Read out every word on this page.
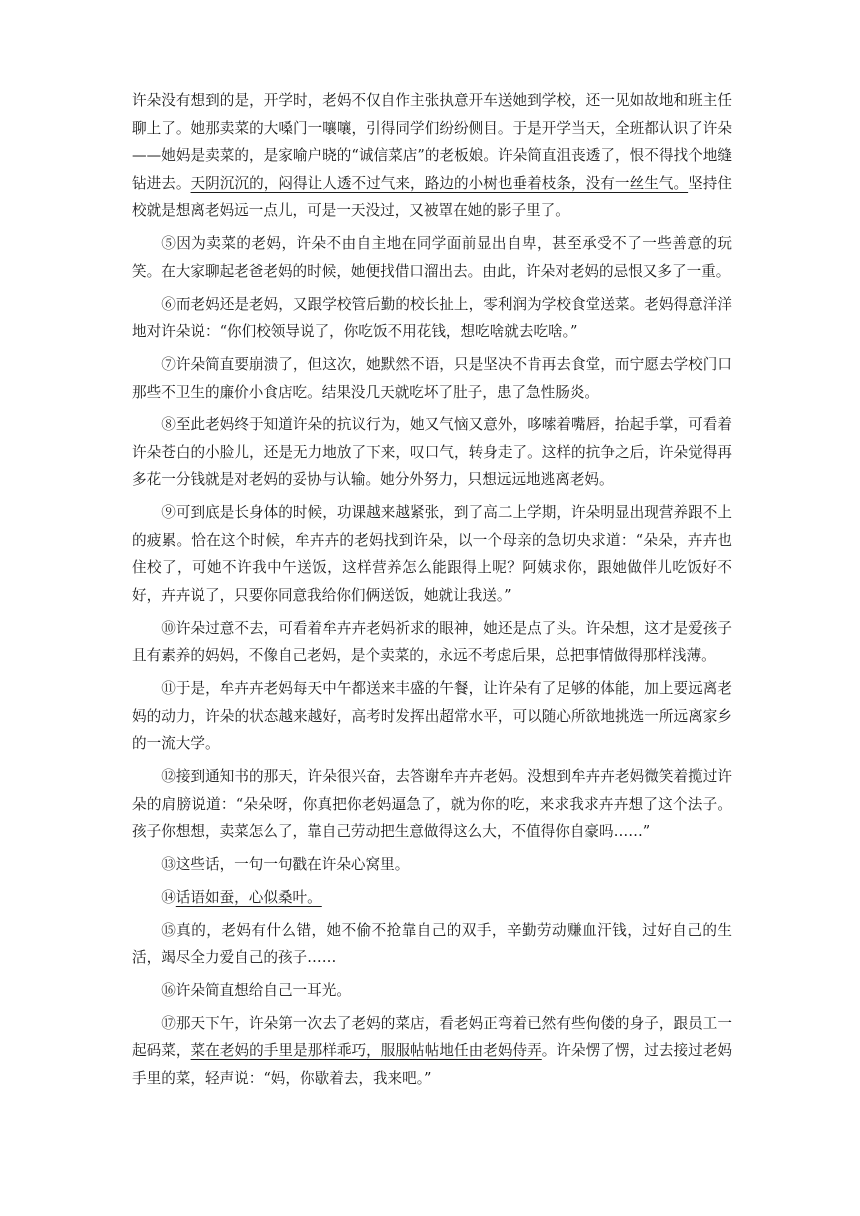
许朵没有想到的是，开学时，老妈不仅自作主张执意开车送她到学校，还一见如故地和班主任聊上了。她那卖菜的大嗓门一嚷嚷，引得同学们纷纷侧目。于是开学当天，全班都认识了许朵——她妈是卖菜的，是家喻户晓的“诚信菜店”的老板娘。许朵简直沮丧透了，恨不得找个地缝钻进去。天阴沉沉的，闷得让人透不过气来，路边的小树也垂着枝条，没有一丝生气。坚持住校就是想离老妈远一点儿，可是一天没过，又被罩在她的影子里了。

⑤因为卖菜的老妈，许朵不由自主地在同学面前显出自卑，甚至承受不了一些善意的玩笑。在大家聊起老爸老妈的时候，她便找借口溜出去。由此，许朵对老妈的忌恨又多了一重。

⑥而老妈还是老妈，又跟学校管后勤的校长扯上，零利润为学校食堂送菜。老妈得意洋洋地对许朵说：“你们校领导说了，你吃饭不用花钱，想吃啥就去吃啥。”

⑦许朵简直要崩溃了，但这次，她默然不语，只是坚决不肯再去食堂，而宁愿去学校门口那些不卫生的廉价小食店吃。结果没几天就吃坏了肚子，患了急性肠炎。

⑧至此老妈终于知道许朵的抗议行为，她又气恼又意外，哆嗦着嘴唇，抬起手掌，可看着许朵苍白的小脸儿，还是无力地放了下来，叹口气，转身走了。这样的抗争之后，许朵觉得再多花一分钱就是对老妈的妥协与认输。她分外努力，只想远远地逃离老妈。

⑨可到底是长身体的时候，功课越来越紧张，到了高二上学期，许朵明显出现营养跟不上的疲累。恰在这个时候，牟卉卉的老妈找到许朵，以一个母亲的急切央求道：“朵朵，卉卉也住校了，可她不许我中午送饭，这样营养怎么能跟得上呢？阿姨求你，跟她做伴儿吃饭好不好，卉卉说了，只要你同意我给你们俩送饭，她就让我送。”

⑩许朵过意不去，可看着牟卉卉老妈祈求的眼神，她还是点了头。许朵想，这才是爱孩子且有素养的妈妈，不像自己老妈，是个卖菜的，永远不考虑后果，总把事情做得那样浅薄。

⑪于是，牟卉卉老妈每天中午都送来丰盛的午餐，让许朵有了足够的体能，加上要远离老妈的动力，许朵的状态越来越好，高考时发挥出超常水平，可以随心所欲地挑选一所远离家乡的一流大学。

⑫接到通知书的那天，许朵很兴奋，去答谢牟卉卉老妈。没想到牟卉卉老妈微笑着揽过许朵的肩膀说道：“朵朵呀，你真把你老妈逼急了，就为你的吃，来求我求卉卉想了这个法子。孩子你想想，卖菜怎么了，靠自己劳动把生意做得这么大，不值得你自豪吗……”

⑬这些话，一句一句戳在许朵心窝里。

⑭话语如蚕，心似桑叶。

⑮真的，老妈有什么错，她不偷不抢靠自己的双手，辛勤劳动赚血汗钱，过好自己的生活，竭尽全力爱自己的孩子……

⑯许朵简直想给自己一耳光。

⑰那天下午，许朵第一次去了老妈的菜店，看老妈正弯着已然有些佝偻的身子，跟员工一起码菜，菜在老妈的手里是那样乖巧，服服帖帖地任由老妈侍弄。许朵愣了愣，过去接过老妈手里的菜，轻声说：“妈，你歇着去，我来吧。”
